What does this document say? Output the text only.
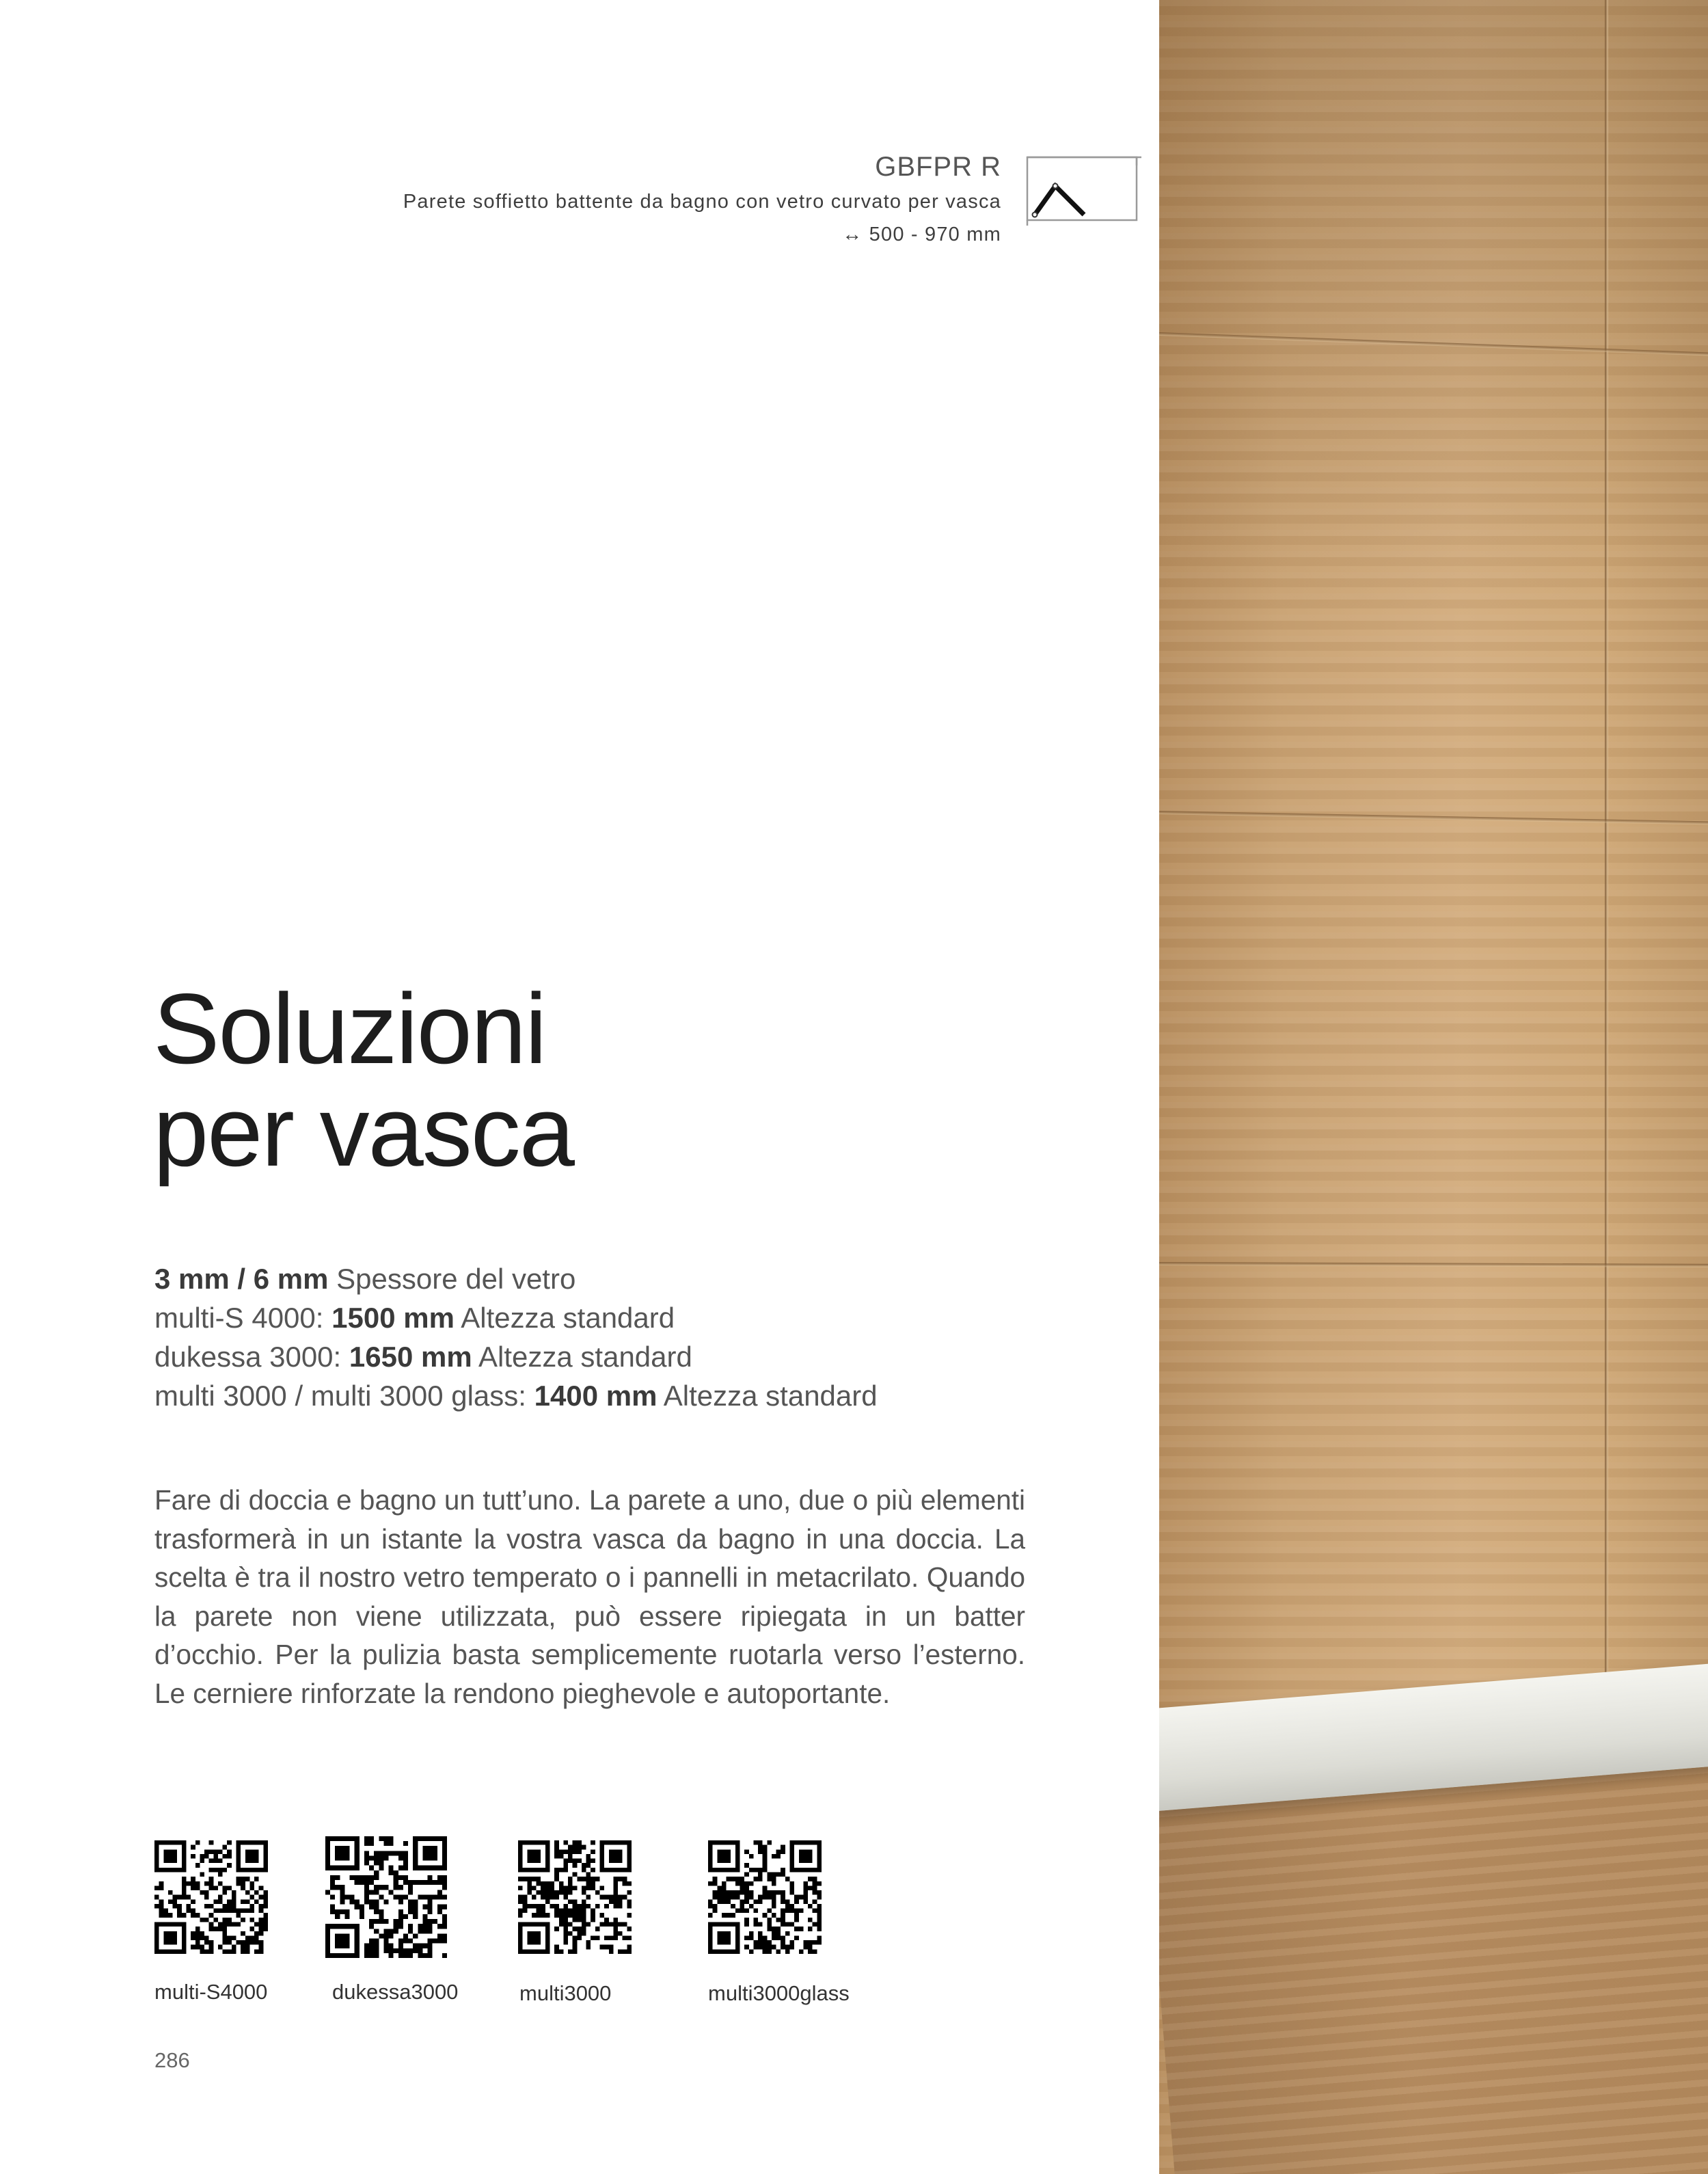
GBFPR R
Parete soffietto battente da bagno con vetro curvato per vasca
↔ 500 - 970 mm
Soluzioni
per vasca
3 mm / 6 mm Spessore del vetro
multi-S 4000: 1500 mm Altezza standard
dukessa 3000: 1650 mm Altezza standard
multi 3000 / multi 3000 glass: 1400 mm Altezza standard
Fare di doccia e bagno un tutt’uno. La parete a uno, due o più elementi trasformerà in un istante la vostra vasca da bagno in una doccia. La scelta è tra il nostro vetro temperato o i pannelli in metacrilato. Quando la parete non viene utilizzata, può essere ripiegata in un batter d’occhio. Per la pulizia basta semplicemente ruotarla verso l’esterno. Le cerniere rinforzate la rendono pieghevole e autoportante.
multi-S4000	dukessa3000	multi3000	multi3000glass
286
